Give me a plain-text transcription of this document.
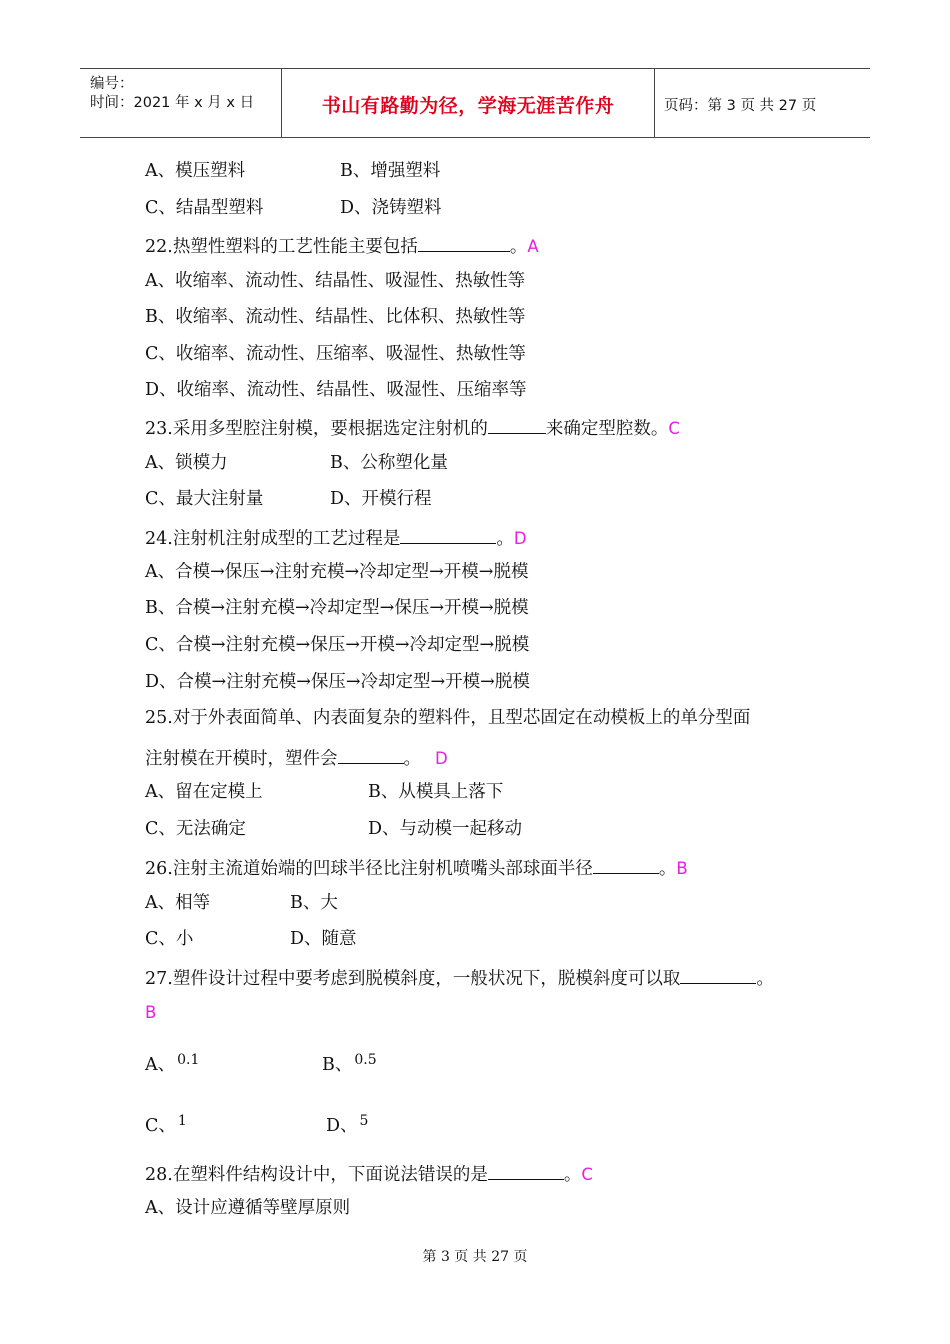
编号：
时间：2021 年 x 月 x 日	书山有路勤为径，学海无涯苦作舟	页码：第 3 页 共 27 页
A、模压塑料	B、增强塑料
C、结晶型塑料	D、浇铸塑料
22.热塑性塑料的工艺性能主要包括	。A
A、收缩率、流动性、结晶性、吸湿性、热敏性等
B、收缩率、流动性、结晶性、比体积、热敏性等
C、收缩率、流动性、压缩率、吸湿性、热敏性等
D、收缩率、流动性、结晶性、吸湿性、压缩率等
23.采用多型腔注射模，要根据选定注射机的	来确定型腔数。C
A、锁模力	B、公称塑化量
C、最大注射量	D、开模行程
24.注射机注射成型的工艺过程是	。D
A、合模→保压→注射充模→冷却定型→开模→脱模
B、合模→注射充模→冷却定型→保压→开模→脱模
C、合模→注射充模→保压→开模→冷却定型→脱模
D、合模→注射充模→保压→冷却定型→开模→脱模
25.对于外表面简单、内表面复杂的塑料件，且型芯固定在动模板上的单分型面
注射模在开模时，塑件会	。 D
A、留在定模上	B、从模具上落下
C、无法确定	D、与动模一起移动
26.注射主流道始端的凹球半径比注射机喷嘴头部球面半径	。B
A、相等	B、大
C、小	D、随意
27.塑件设计过程中要考虑到脱模斜度，一般状况下，脱模斜度可以取	。
B
A、 $^{0.1}$	B、 $^{0.5}$
C、 $^1$	D、 $^5$
28.在塑料件结构设计中，下面说法错误的是	。C
A、设计应遵循等壁厚原则
第 3 页 共 27 页
